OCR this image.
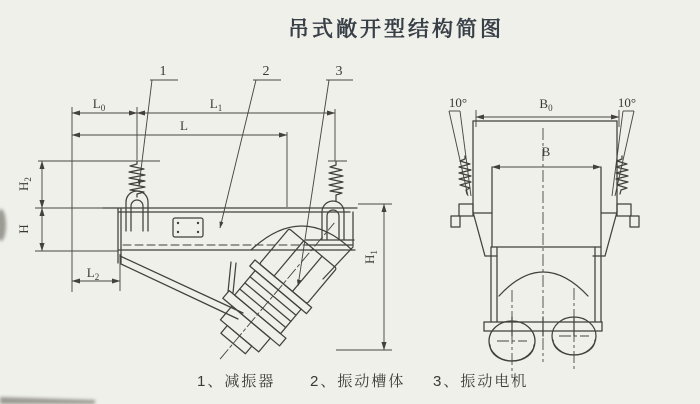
吊式敞开型结构简图
$L_0$	$L_1$
L
$L_2$
$H_2$
H
$H_1$
1	2	3
$B_0$
B
10°	10°
1、减振器 2、振动槽体 3、振动电机
